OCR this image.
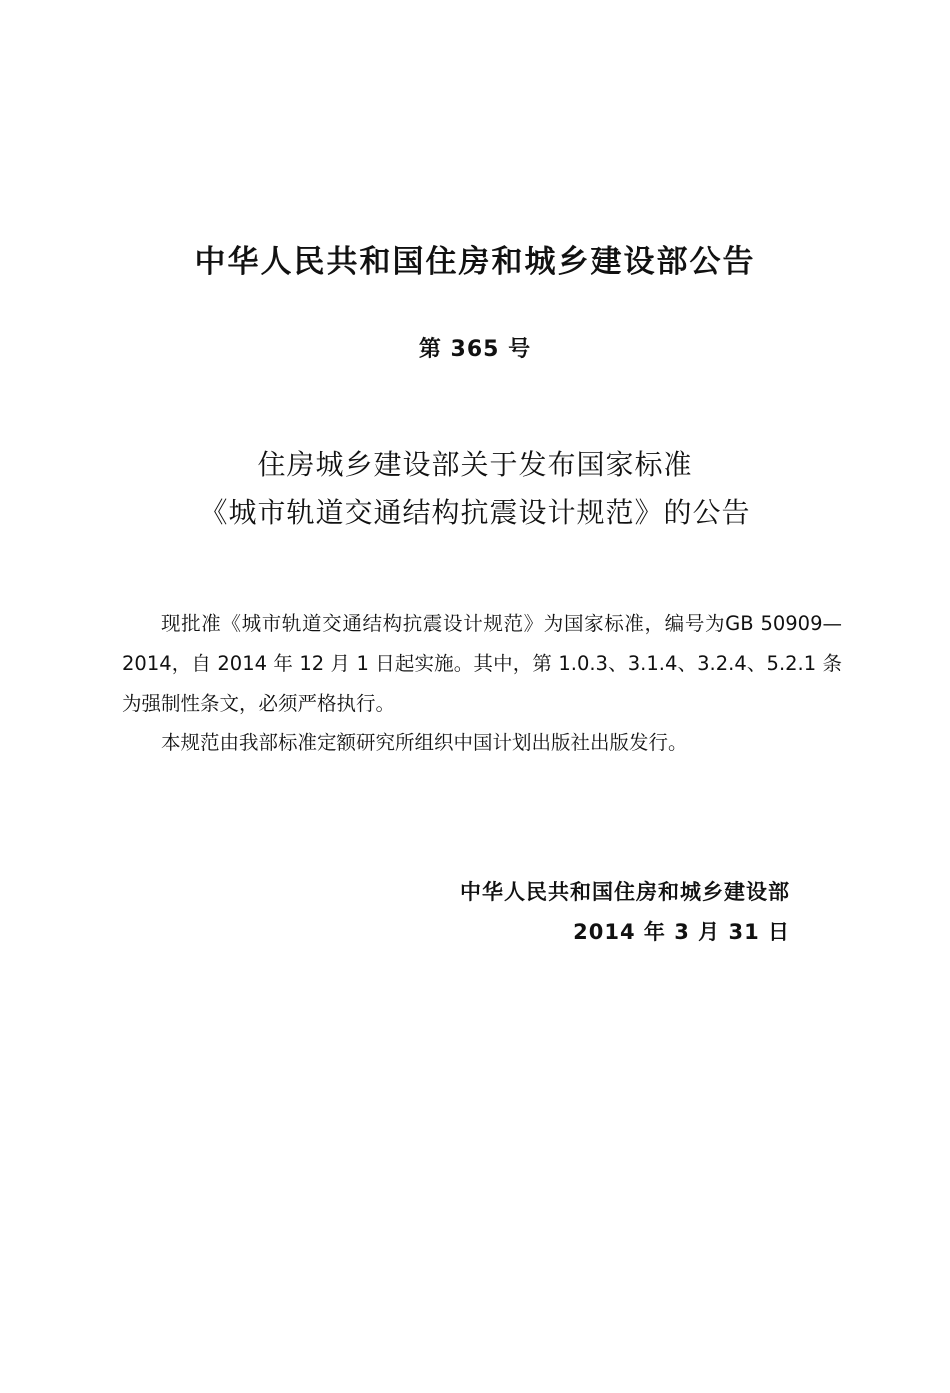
中华人民共和国住房和城乡建设部公告
第 365 号
住房城乡建设部关于发布国家标准
《城市轨道交通结构抗震设计规范》的公告

现批准《城市轨道交通结构抗震设计规范》为国家标准，编号为GB 50909—2014，自 2014 年 12 月 1 日起实施。其中，第 1.0.3、3.1.4、3.2.4、5.2.1 条为强制性条文，必须严格执行。

本规范由我部标准定额研究所组织中国计划出版社出版发行。

中华人民共和国住房和城乡建设部
2014 年 3 月 31 日
